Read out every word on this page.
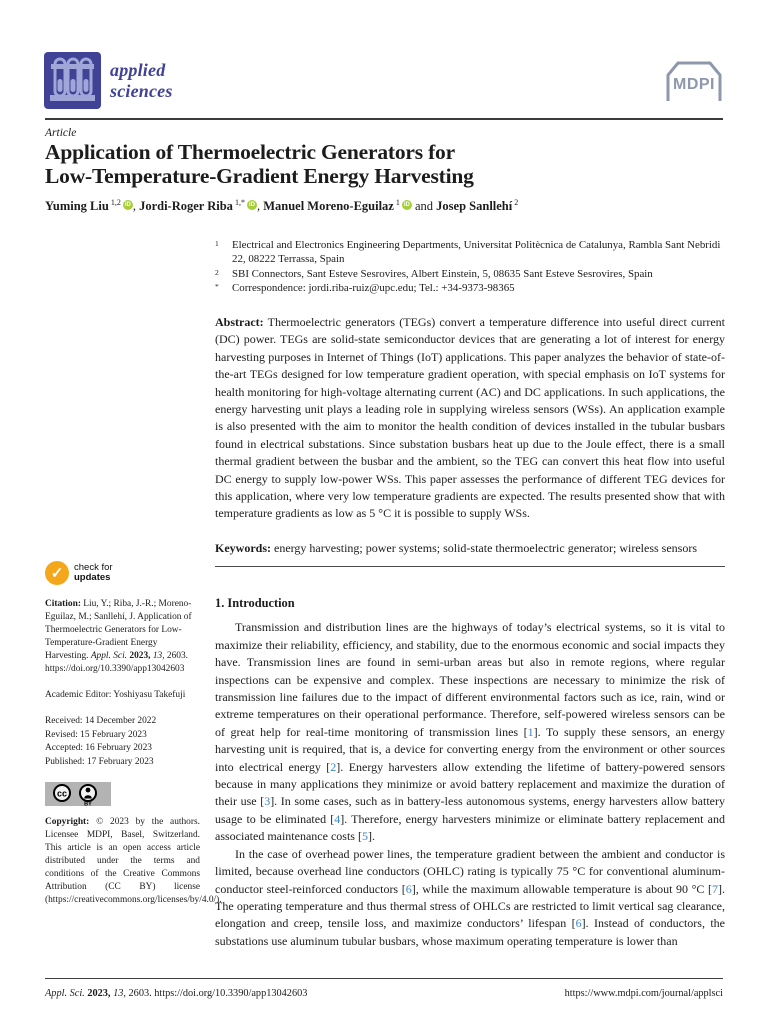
applied
sciences	MDPI
Article
Application of Thermoelectric Generators for
Low-Temperature-Gradient Energy Harvesting

Yuming Liu $^{1,2}$ iD , Jordi-Roger Riba $^{1,*}$ iD , Manuel Moreno-Eguilaz $^1$ iD and Josep Sanllehí $^2$

1	Electrical and Electronics Engineering Departments, Universitat Politècnica de Catalunya, Rambla Sant Nebridi 22, 08222 Terrassa, Spain
2	SBI Connectors, Sant Esteve Sesrovires, Albert Einstein, 5, 08635 Sant Esteve Sesrovires, Spain
*	Correspondence: jordi.riba-ruiz@upc.edu; Tel.: +34-9373-98365

Abstract: Thermoelectric generators (TEGs) convert a temperature difference into useful direct current (DC) power. TEGs are solid-state semiconductor devices that are generating a lot of interest for energy harvesting purposes in Internet of Things (IoT) applications. This paper analyzes the behavior of state-of-the-art TEGs designed for low temperature gradient operation, with special emphasis on IoT systems for health monitoring for high-voltage alternating current (AC) and DC applications. In such applications, the energy harvesting unit plays a leading role in supplying wireless sensors (WSs). An application example is also presented with the aim to monitor the health condition of devices installed in the tubular busbars found in electrical substations. Since substation busbars heat up due to the Joule effect, there is a small thermal gradient between the busbar and the ambient, so the TEG can convert this heat flow into useful DC energy to supply low-power WSs. This paper assesses the performance of different TEG devices for this application, where very low temperature gradients are expected. The results presented show that with temperature gradients as low as 5 °C it is possible to supply WSs.

Keywords: energy harvesting; power systems; solid-state thermoelectric generator; wireless sensors

✓ check for
updates

Citation: Liu, Y.; Riba, J.-R.; Moreno-Eguilaz, M.; Sanllehí, J. Application of Thermoelectric Generators for Low-Temperature-Gradient Energy Harvesting. Appl. Sci. 2023, 13, 2603. https://doi.org/10.3390/app13042603

Academic Editor: Yoshiyasu Takefuji

Received: 14 December 2022
Revised: 15 February 2023
Accepted: 16 February 2023
Published: 17 February 2023
cc
BY

Copyright: © 2023 by the authors. Licensee MDPI, Basel, Switzerland. This article is an open access article distributed under the terms and conditions of the Creative Commons Attribution (CC BY) license (https://creativecommons.org/licenses/by/4.0/).

1. Introduction

Transmission and distribution lines are the highways of today’s electrical systems, so it is vital to maximize their reliability, efficiency, and stability, due to the enormous economic and social impacts they have. Transmission lines are found in semi-urban areas but also in remote regions, where regular inspections can be expensive and complex. These inspections are necessary to minimize the risk of transmission line failures due to the impact of different environmental factors such as ice, rain, wind or extreme temperatures on their operational performance. Therefore, self-powered wireless sensors can be of great help for real-time monitoring of transmission lines [1]. To supply these sensors, an energy harvesting unit is required, that is, a device for converting energy from the environment or other sources into electrical energy [2]. Energy harvesters allow extending the lifetime of battery-powered sensors because in many applications they minimize or avoid battery replacement and maximize the duration of their use [3]. In some cases, such as in battery-less autonomous systems, energy harvesters allow battery usage to be eliminated [4]. Therefore, energy harvesters minimize or eliminate battery replacement and associated maintenance costs [5].

In the case of overhead power lines, the temperature gradient between the ambient and conductor is limited, because overhead line conductors (OHLC) rating is typically 75 °C for conventional aluminum-conductor steel-reinforced conductors [6], while the maximum allowable temperature is about 90 °C [7]. The operating temperature and thus thermal stress of OHLCs are restricted to limit vertical sag clearance, elongation and creep, tensile loss, and maximize conductors’ lifespan [6]. Instead of conductors, the substations use aluminum tubular busbars, whose maximum operating temperature is lower than

Appl. Sci. 2023, 13, 2603. https://doi.org/10.3390/app13042603	https://www.mdpi.com/journal/applsci
